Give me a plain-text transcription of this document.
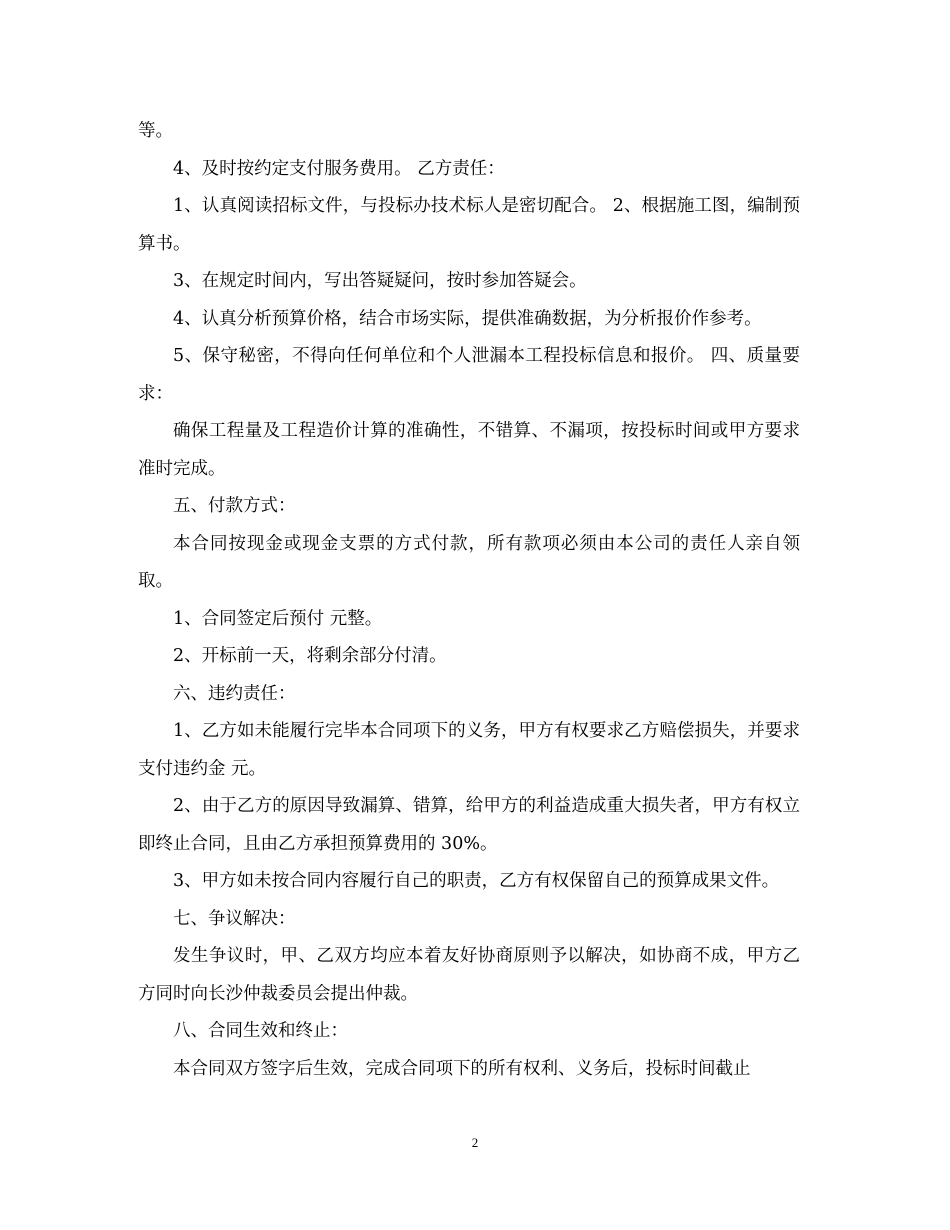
等。

4、及时按约定支付服务费用。 乙方责任：

1、认真阅读招标文件，与投标办技术标人是密切配合。 2、根据施工图，编制预算书。

3、在规定时间内，写出答疑疑问，按时参加答疑会。

4、认真分析预算价格，结合市场实际，提供准确数据，为分析报价作参考。

5、保守秘密，不得向任何单位和个人泄漏本工程投标信息和报价。 四、质量要求：

确保工程量及工程造价计算的准确性，不错算、不漏项，按投标时间或甲方要求准时完成。

五、付款方式：

本合同按现金或现金支票的方式付款，所有款项必须由本公司的责任人亲自领取。

1、合同签定后预付 元整。

2、开标前一天，将剩余部分付清。

六、违约责任：

1、乙方如未能履行完毕本合同项下的义务，甲方有权要求乙方赔偿损失，并要求支付违约金 元。

2、由于乙方的原因导致漏算、错算，给甲方的利益造成重大损失者，甲方有权立即终止合同，且由乙方承担预算费用的 30%。

3、甲方如未按合同内容履行自己的职责，乙方有权保留自己的预算成果文件。

七、争议解决：

发生争议时，甲、乙双方均应本着友好协商原则予以解决，如协商不成，甲方乙方同时向长沙仲裁委员会提出仲裁。

八、合同生效和终止：

本合同双方签字后生效，完成合同项下的所有权利、义务后，投标时间截止

2
